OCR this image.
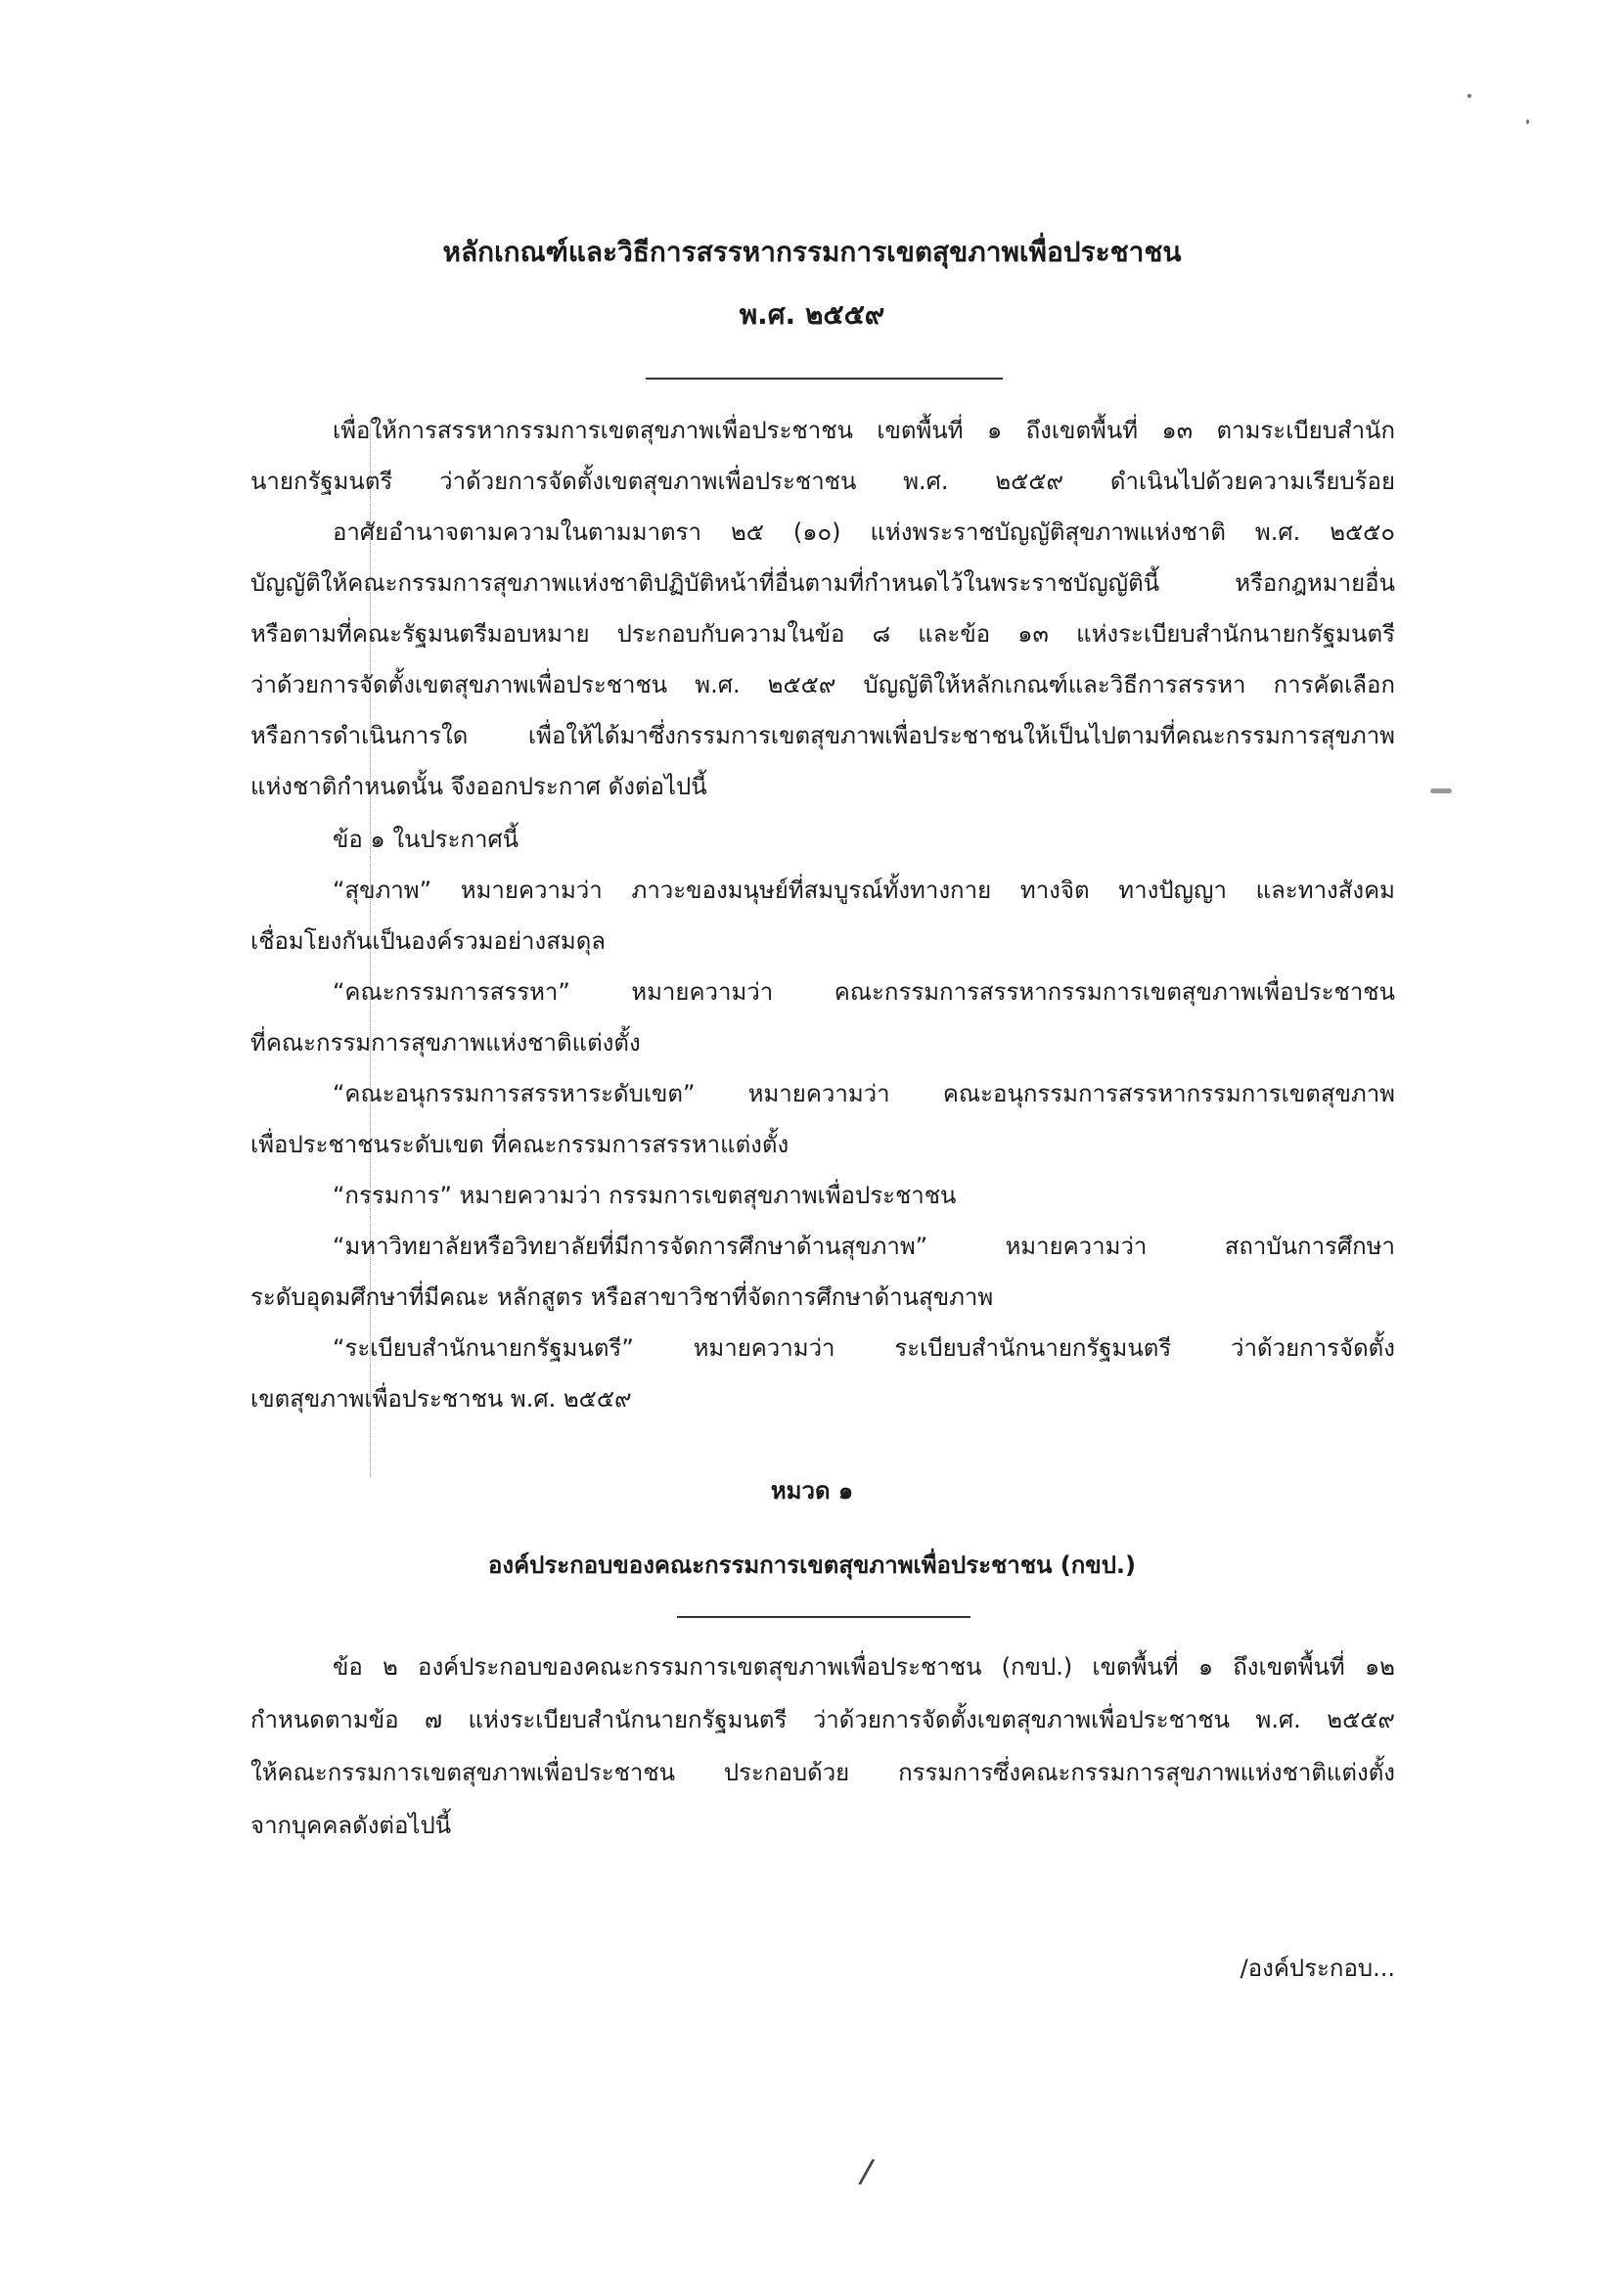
หลักเกณฑ์และวิธีการสรรหากรรมการเขตสุขภาพเพื่อประชาชน
พ.ศ. ๒๕๕๙
เพื่อให้การสรรหากรรมการเขตสุขภาพเพื่อประชาชน เขตพื้นที่ ๑ ถึงเขตพื้นที่ ๑๓ ตามระเบียบสำนัก
นายกรัฐมนตรี ว่าด้วยการจัดตั้งเขตสุขภาพเพื่อประชาชน พ.ศ. ๒๕๕๙ ดำเนินไปด้วยความเรียบร้อย
อาศัยอำนาจตามความในตามมาตรา ๒๕ (๑๐) แห่งพระราชบัญญัติสุขภาพแห่งชาติ พ.ศ. ๒๕๕๐
บัญญัติให้คณะกรรมการสุขภาพแห่งชาติปฏิบัติหน้าที่อื่นตามที่กำหนดไว้ในพระราชบัญญัตินี้ หรือกฎหมายอื่น
หรือตามที่คณะรัฐมนตรีมอบหมาย ประกอบกับความในข้อ ๘ และข้อ ๑๓ แห่งระเบียบสำนักนายกรัฐมนตรี
ว่าด้วยการจัดตั้งเขตสุขภาพเพื่อประชาชน พ.ศ. ๒๕๕๙ บัญญัติให้หลักเกณฑ์และวิธีการสรรหา การคัดเลือก
หรือการดำเนินการใด เพื่อให้ได้มาซึ่งกรรมการเขตสุขภาพเพื่อประชาชนให้เป็นไปตามที่คณะกรรมการสุขภาพ
แห่งชาติกำหนดนั้น จึงออกประกาศ ดังต่อไปนี้
ข้อ ๑ ในประกาศนี้
“สุขภาพ” หมายความว่า ภาวะของมนุษย์ที่สมบูรณ์ทั้งทางกาย ทางจิต ทางปัญญา และทางสังคม
เชื่อมโยงกันเป็นองค์รวมอย่างสมดุล
“คณะกรรมการสรรหา” หมายความว่า คณะกรรมการสรรหากรรมการเขตสุขภาพเพื่อประชาชน
ที่คณะกรรมการสุขภาพแห่งชาติแต่งตั้ง
“คณะอนุกรรมการสรรหาระดับเขต” หมายความว่า คณะอนุกรรมการสรรหากรรมการเขตสุขภาพ
เพื่อประชาชนระดับเขต ที่คณะกรรมการสรรหาแต่งตั้ง
“กรรมการ” หมายความว่า กรรมการเขตสุขภาพเพื่อประชาชน
“มหาวิทยาลัยหรือวิทยาลัยที่มีการจัดการศึกษาด้านสุขภาพ” หมายความว่า สถาบันการศึกษา
ระดับอุดมศึกษาที่มีคณะ หลักสูตร หรือสาขาวิชาที่จัดการศึกษาด้านสุขภาพ
“ระเบียบสำนักนายกรัฐมนตรี” หมายความว่า ระเบียบสำนักนายกรัฐมนตรี ว่าด้วยการจัดตั้ง
เขตสุขภาพเพื่อประชาชน พ.ศ. ๒๕๕๙
หมวด ๑
องค์ประกอบของคณะกรรมการเขตสุขภาพเพื่อประชาชน (กขป.)
ข้อ ๒ องค์ประกอบของคณะกรรมการเขตสุขภาพเพื่อประชาชน (กขป.) เขตพื้นที่ ๑ ถึงเขตพื้นที่ ๑๒
กำหนดตามข้อ ๗ แห่งระเบียบสำนักนายกรัฐมนตรี ว่าด้วยการจัดตั้งเขตสุขภาพเพื่อประชาชน พ.ศ. ๒๕๕๙
ให้คณะกรรมการเขตสุขภาพเพื่อประชาชน ประกอบด้วย กรรมการซึ่งคณะกรรมการสุขภาพแห่งชาติแต่งตั้ง
จากบุคคลดังต่อไปนี้
/องค์ประกอบ...
/
